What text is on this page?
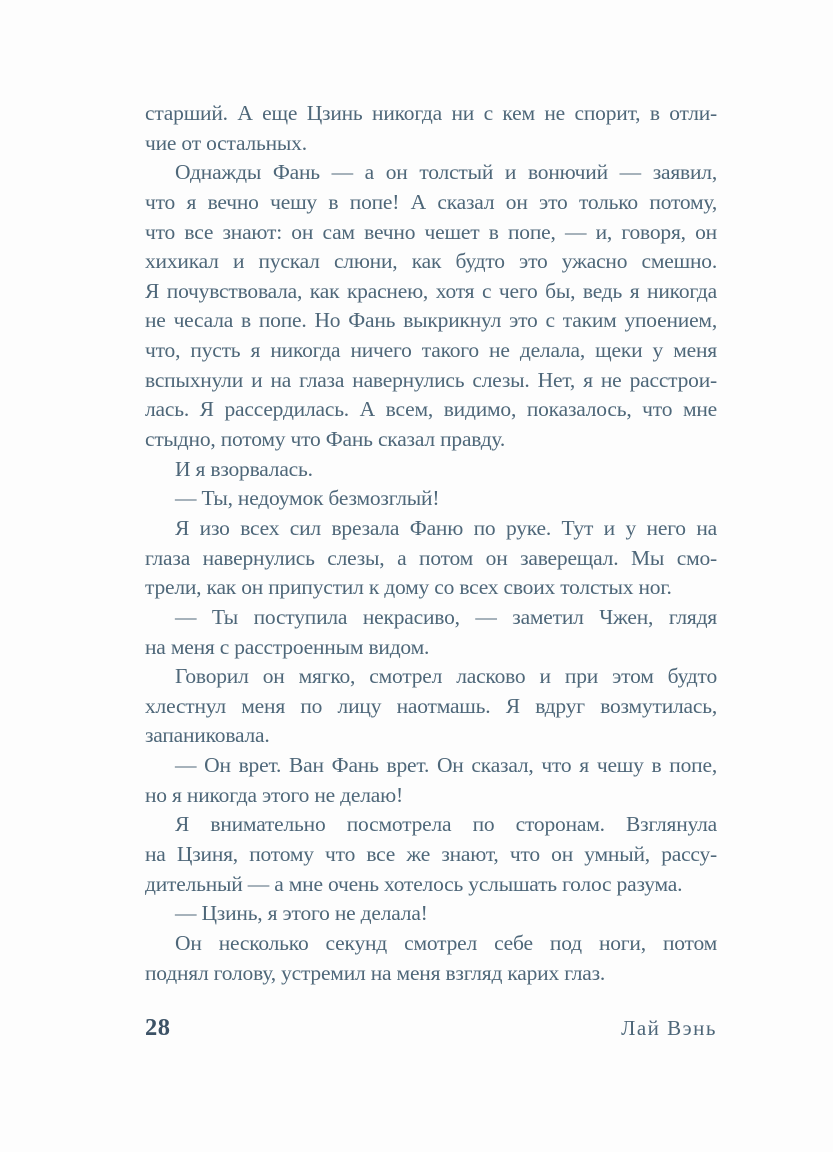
старший. А еще Цзинь никогда ни с кем не спорит, в отли-
чие от остальных.
Однажды Фань — а он толстый и вонючий — заявил,
что я вечно чешу в попе! А сказал он это только потому,
что все знают: он сам вечно чешет в попе, — и, говоря, он
хихикал и пускал слюни, как будто это ужасно смешно.
Я почувствовала, как краснею, хотя с чего бы, ведь я никогда
не чесала в попе. Но Фань выкрикнул это с таким упоением,
что, пусть я никогда ничего такого не делала, щеки у меня
вспыхнули и на глаза навернулись слезы. Нет, я не расстрои-
лась. Я рассердилась. А всем, видимо, показалось, что мне
стыдно, потому что Фань сказал правду.
И я взорвалась.
— Ты, недоумок безмозглый!
Я изо всех сил врезала Фаню по руке. Тут и у него на
глаза навернулись слезы, а потом он заверещал. Мы смо-
трели, как он припустил к дому со всех своих толстых ног.
— Ты поступила некрасиво, — заметил Чжен, глядя
на меня с расстроенным видом.
Говорил он мягко, смотрел ласково и при этом будто
хлестнул меня по лицу наотмашь. Я вдруг возмутилась,
запаниковала.
— Он врет. Ван Фань врет. Он сказал, что я чешу в попе,
но я никогда этого не делаю!
Я внимательно посмотрела по сторонам. Взглянула
на Цзиня, потому что все же знают, что он умный, рассу-
дительный — а мне очень хотелось услышать голос разума.
— Цзинь, я этого не делала!
Он несколько секунд смотрел себе под ноги, потом
поднял голову, устремил на меня взгляд карих глаз.
28	Лай Вэнь
